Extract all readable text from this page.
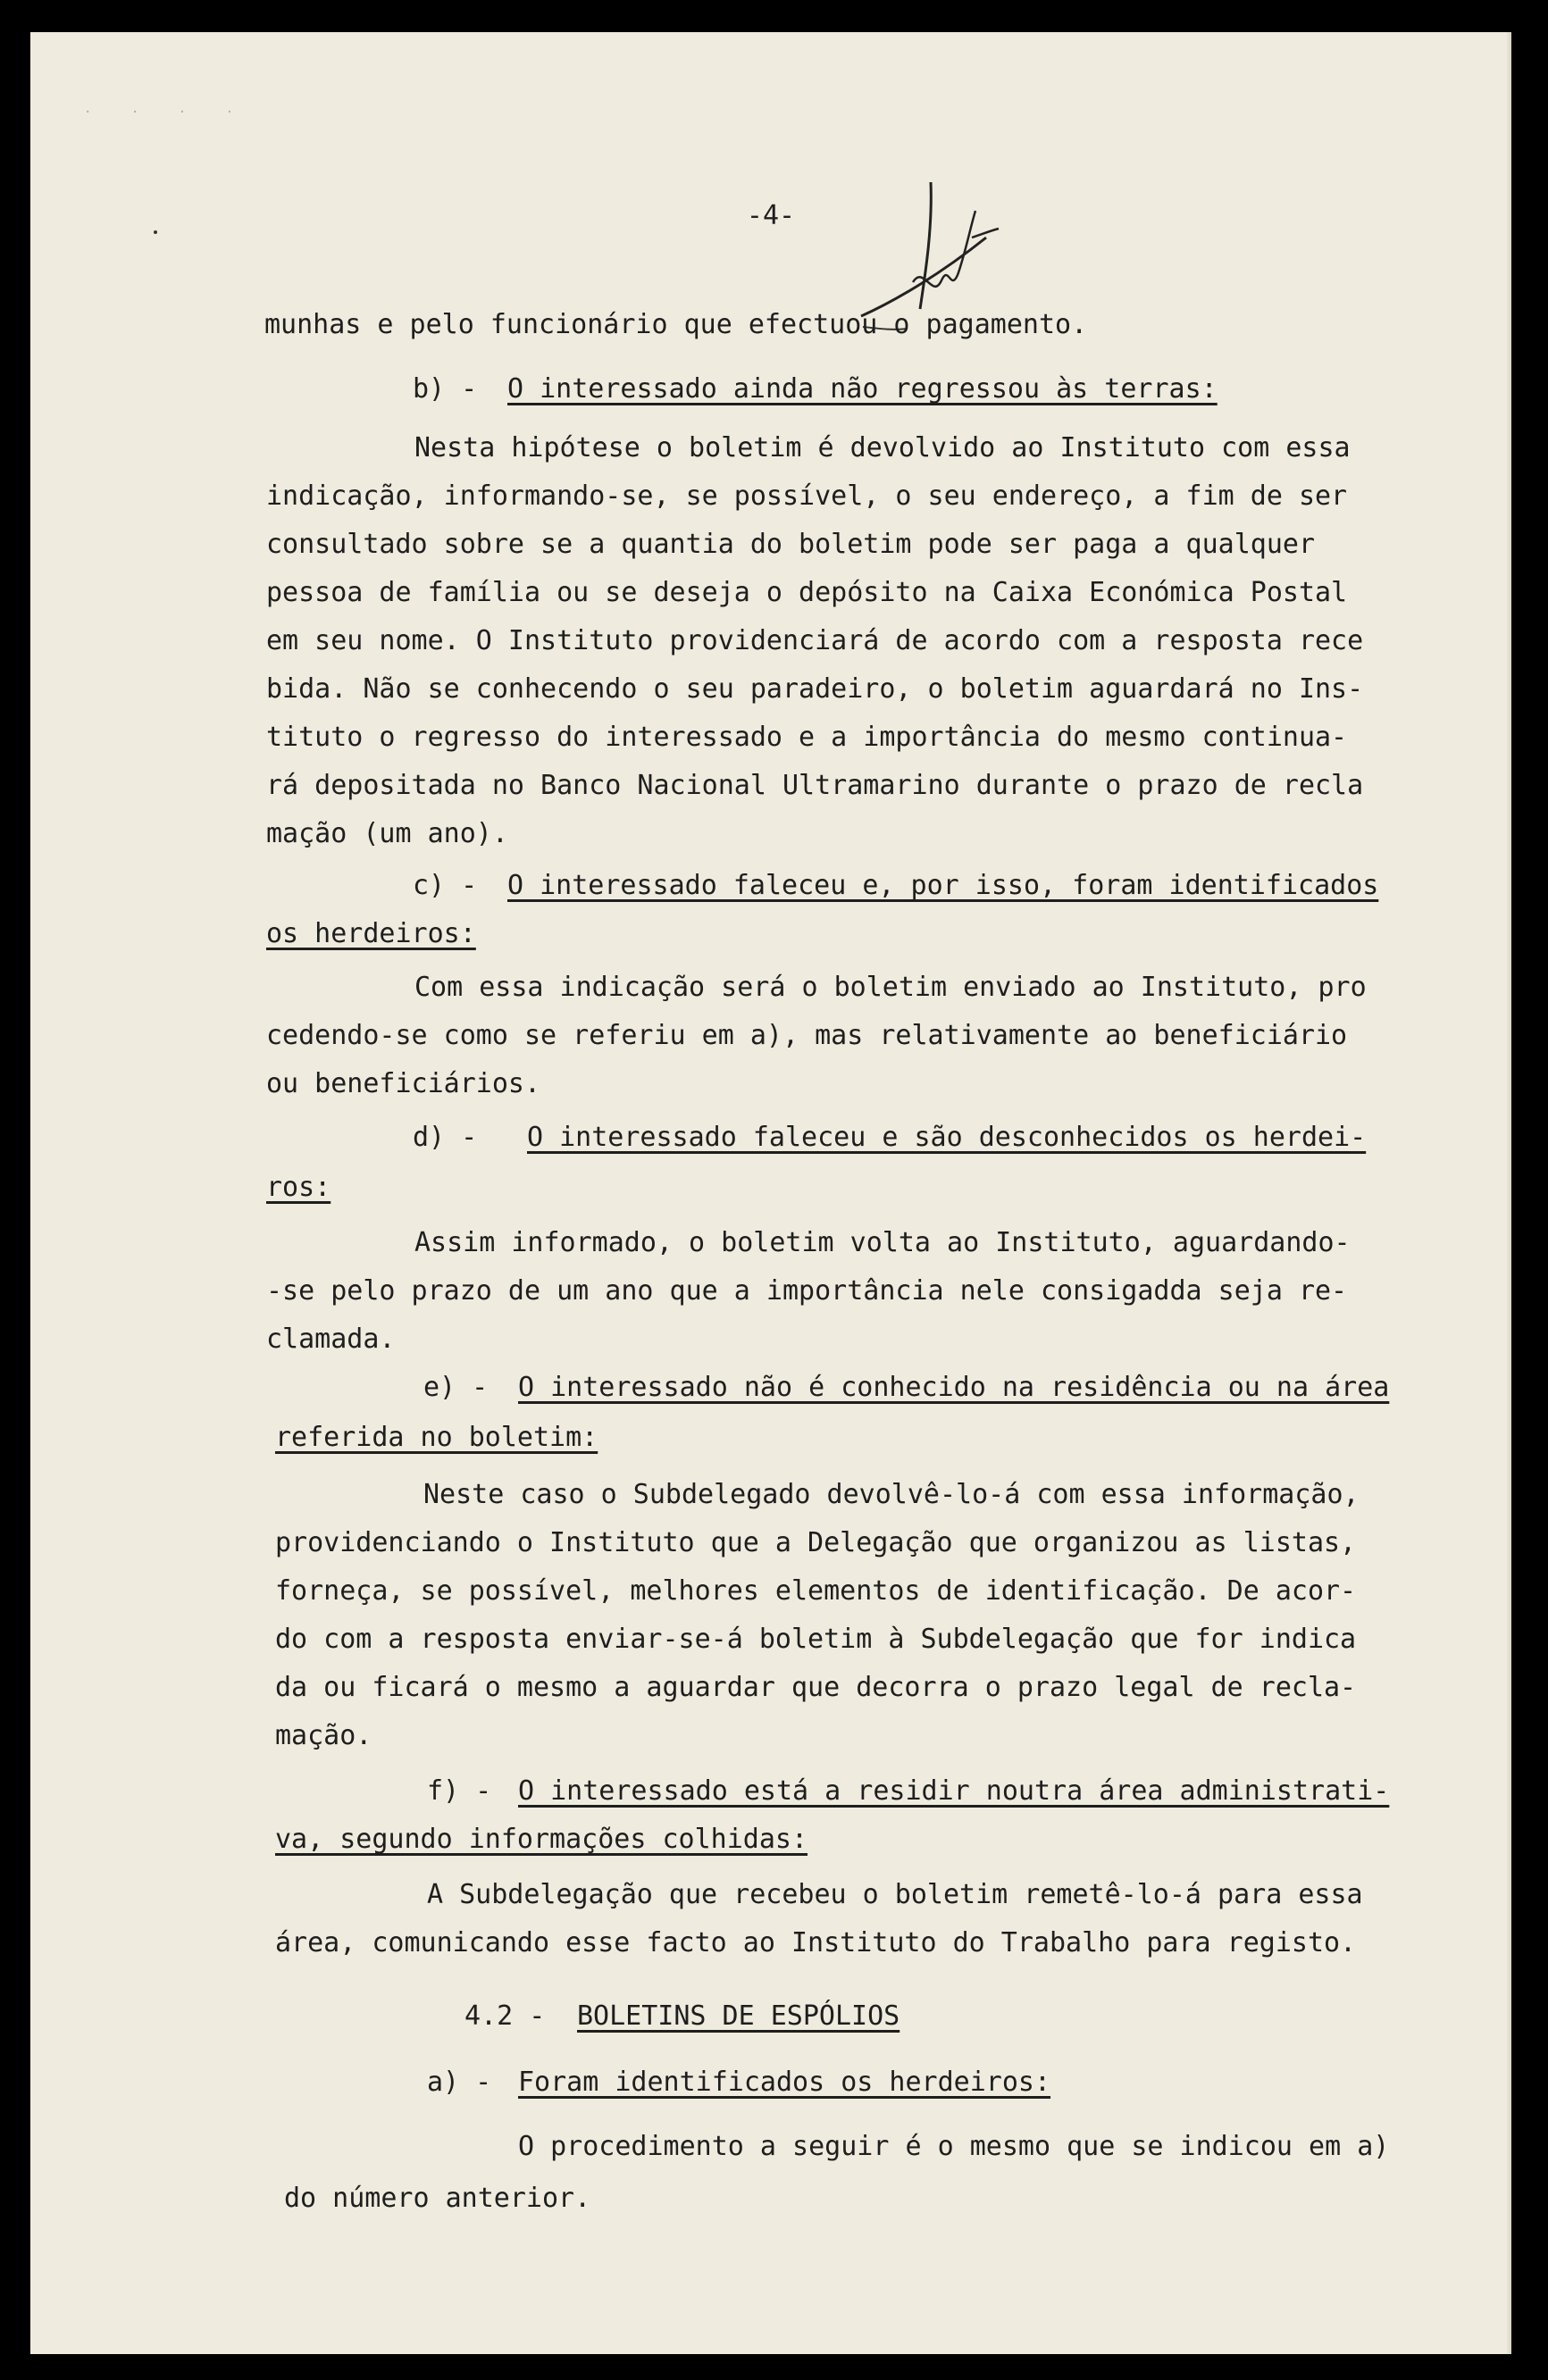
. . . .
-4-
munhas e pelo funcionário que efectuou o pagamento.
b) - O interessado ainda não regressou às terras:
Nesta hipótese o boletim é devolvido ao Instituto com essa
indicação, informando-se, se possível, o seu endereço, a fim de ser
consultado sobre se a quantia do boletim pode ser paga a qualquer
pessoa de família ou se deseja o depósito na Caixa Económica Postal
em seu nome. O Instituto providenciará de acordo com a resposta rece
bida. Não se conhecendo o seu paradeiro, o boletim aguardará no Ins-
tituto o regresso do interessado e a importância do mesmo continua-
rá depositada no Banco Nacional Ultramarino durante o prazo de recla
mação (um ano).
c) - O interessado faleceu e, por isso, foram identificados
os herdeiros:
Com essa indicação será o boletim enviado ao Instituto, pro
cedendo-se como se referiu em a), mas relativamente ao beneficiário
ou beneficiários.
d) - O interessado faleceu e são desconhecidos os herdei-
ros:
Assim informado, o boletim volta ao Instituto, aguardando-
-se pelo prazo de um ano que a importância nele consigadda seja re-
clamada.
e) - O interessado não é conhecido na residência ou na área
referida no boletim:
Neste caso o Subdelegado devolvê-lo-á com essa informação,
providenciando o Instituto que a Delegação que organizou as listas,
forneça, se possível, melhores elementos de identificação. De acor-
do com a resposta enviar-se-á boletim à Subdelegação que for indica
da ou ficará o mesmo a aguardar que decorra o prazo legal de recla-
mação.
f) - O interessado está a residir noutra área administrati-
va, segundo informações colhidas:
A Subdelegação que recebeu o boletim remetê-lo-á para essa
área, comunicando esse facto ao Instituto do Trabalho para registo.
4.2 - BOLETINS DE ESPÓLIOS
a) - Foram identificados os herdeiros:
O procedimento a seguir é o mesmo que se indicou em a)
do número anterior.
